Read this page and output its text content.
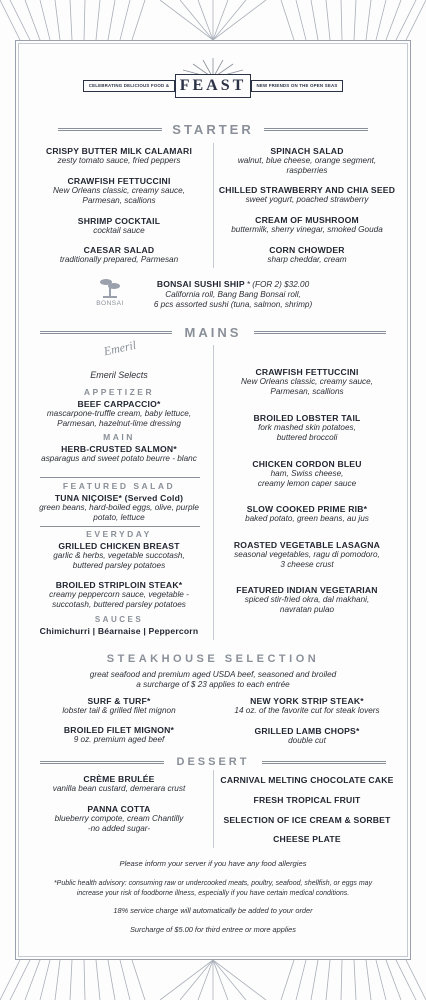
CELEBRATING DELICIOUS FOOD & FEAST	NEW FRIENDS ON THE OPEN SEAS
STARTER
CRISPY BUTTER MILK CALAMARI
zesty tomato sauce, fried peppers
CRAWFISH FETTUCCINI
New Orleans classic, creamy sauce,
Parmesan, scallions
SHRIMP COCKTAIL
cocktail sauce
CAESAR SALAD
traditionally prepared, Parmesan
SPINACH SALAD
walnut, blue cheese, orange segment,
raspberries
CHILLED STRAWBERRY AND CHIA SEED
sweet yogurt, poached strawberry
CREAM OF MUSHROOM
buttermilk, sherry vinegar, smoked Gouda
CORN CHOWDER
sharp cheddar, cream
BONSAI
BONSAI SUSHI SHIP * (FOR 2) $32.00
California roll, Bang Bang Bonsai roll,
6 pcs assorted sushi (tuna, salmon, shrimp)
MAINS
Emeril
Emeril Selects
APPETIZER
BEEF CARPACCIO*
mascarpone-truffle cream, baby lettuce,
Parmesan, hazelnut-lime dressing
MAIN
HERB-CRUSTED SALMON*
asparagus and sweet potato beurre - blanc
FEATURED SALAD
TUNA NIÇOISE* (Served Cold)
green beans, hard-boiled eggs, olive, purple
potato, lettuce
EVERYDAY
GRILLED CHICKEN BREAST
garlic & herbs, vegetable succotash,
buttered parsley potatoes
BROILED STRIPLOIN STEAK*
creamy peppercorn sauce, vegetable -
succotash, buttered parsley potatoes
SAUCES
Chimichurri | Béarnaise | Peppercorn
CRAWFISH FETTUCCINI
New Orleans classic, creamy sauce,
Parmesan, scallions
BROILED LOBSTER TAIL
fork mashed skin potatoes,
buttered broccoli
CHICKEN CORDON BLEU
ham, Swiss cheese,
creamy lemon caper sauce
SLOW COOKED PRIME RIB*
baked potato, green beans, au jus
ROASTED VEGETABLE LASAGNA
seasonal vegetables, ragu di pomodoro,
3 cheese crust
FEATURED INDIAN VEGETARIAN
spiced stir-fried okra, dal makhani,
navratan pulao
STEAKHOUSE SELECTION
great seafood and premium aged USDA beef, seasoned and broiled
a surcharge of $ 23 applies to each entrée
SURF & TURF*
lobster tail & grilled filet mignon
BROILED FILET MIGNON*
9 oz. premium aged beef
NEW YORK STRIP STEAK*
14 oz. of the favorite cut for steak lovers
GRILLED LAMB CHOPS*
double cut
DESSERT
CRÈME BRULÉE
vanilla bean custard, demerara crust
PANNA COTTA
blueberry compote, cream Chantilly
-no added sugar-
CARNIVAL MELTING CHOCOLATE CAKE
FRESH TROPICAL FRUIT
SELECTION OF ICE CREAM & SORBET
CHEESE PLATE
Please inform your server if you have any food allergies
*Public health advisory: consuming raw or undercooked meats, poultry, seafood, shellfish, or eggs may
increase your risk of foodborne illness, especially if you have certain medical conditions.
18% service charge will automatically be added to your order
Surcharge of $5.00 for third entree or more applies
